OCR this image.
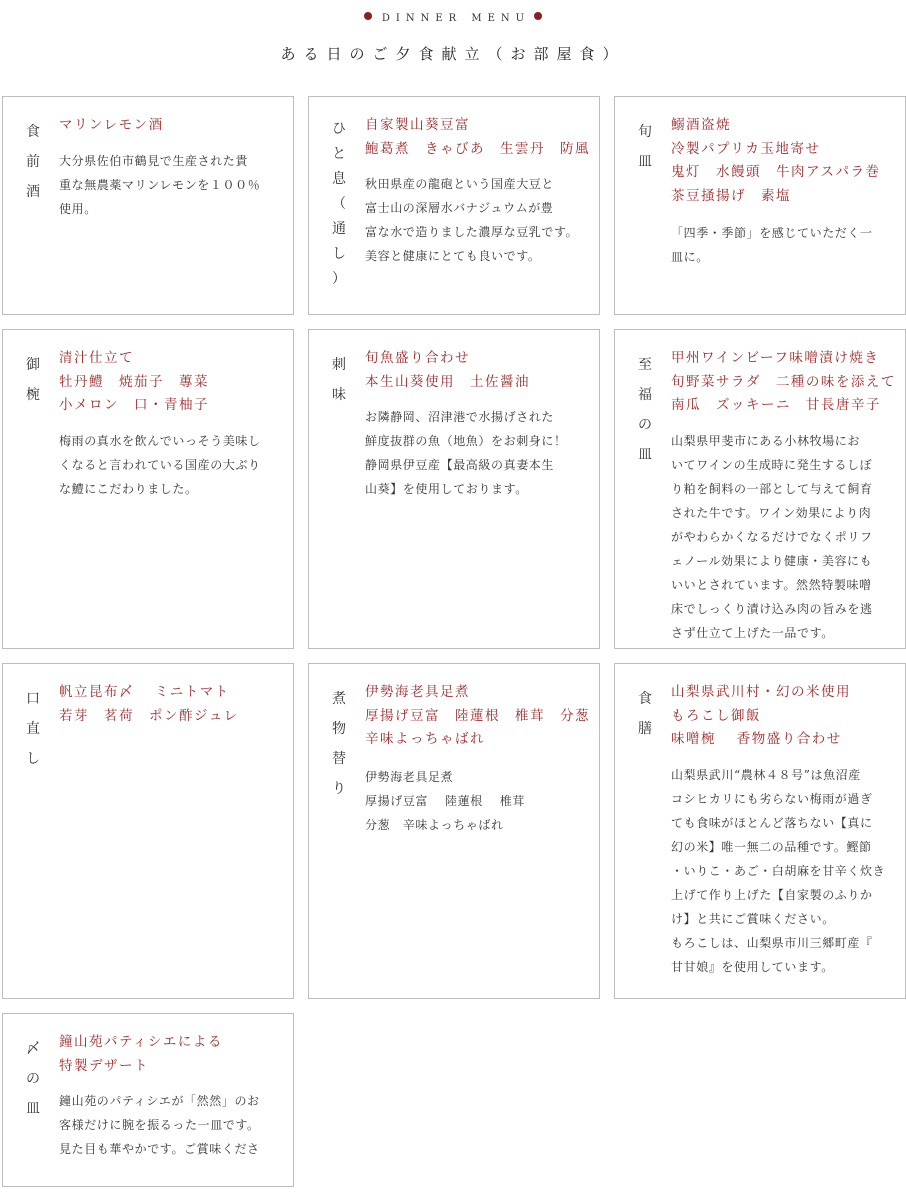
DINNER MENU
ある日のご夕食献立（お部屋食）
食
前
酒
マリンレモン酒

大分県佐伯市鶴見で生産された貴

重な無農薬マリンレモンを１００％

使用。

ひ
と
息
（
通
し
）
自家製山葵豆富
鮑葛煮　きゃびあ　生雲丹　防風

秋田県産の龍砲という国産大豆と

富士山の深層水バナジュウムが豊

富な水で造りました濃厚な豆乳です。

美容と健康にとても良いです。

旬
皿
鰯酒盗焼
冷製パプリカ玉地寄せ
鬼灯　水饅頭　牛肉アスパラ巻
茶豆掻揚げ　素塩

「四季・季節」を感じていただく一

皿に。

御
椀
清汁仕立て
牡丹鱧　焼茄子　蓴菜
小メロン　口・青柚子

梅雨の真水を飲んでいっそう美味し

くなると言われている国産の大ぶり

な鱧にこだわりました。

刺
味
旬魚盛り合わせ
本生山葵使用　土佐醤油

お隣静岡、沼津港で水揚げされた

鮮度抜群の魚（地魚）をお刺身に！

静岡県伊豆産【最高級の真妻本生

山葵】を使用しております。

至
福
の
皿
甲州ワインビーフ味噌漬け焼き
旬野菜サラダ　二種の味を添えて
南瓜　ズッキーニ　甘長唐辛子

山梨県甲斐市にある小林牧場にお

いてワインの生成時に発生するしぼ

り粕を飼料の一部として与えて飼育

された牛です。ワイン効果により肉

がやわらかくなるだけでなくポリフ

ェノール効果により健康・美容にも

いいとされています。然然特製味噌

床でしっくり漬け込み肉の旨みを逃

さず仕立て上げた一品です。

口
直
し
帆立昆布〆　 ミニトマト
若芽　茗荷　ポン酢ジュレ
煮
物
替
り
伊勢海老具足煮
厚揚げ豆富　陸蓮根　椎茸　分葱
辛味よっちゃばれ

伊勢海老具足煮

厚揚げ豆富　 陸蓮根 　椎茸

分葱　辛味よっちゃばれ

食
膳
山梨県武川村・幻の米使用
もろこし御飯
味噌椀　 香物盛り合わせ

山梨県武川“農林４８号”は魚沼産

コシヒカリにも劣らない梅雨が過ぎ

ても食味がほとんど落ちない【真に

幻の米】唯一無二の品種です。鰹節

・いりこ・あご・白胡麻を甘辛く炊き

上げて作り上げた【自家製のふりか

け】と共にご賞味ください。

もろこしは、山梨県市川三郷町産『

甘甘娘』を使用しています。

〆
の
皿
鐘山苑パティシエによる
特製デザート

鐘山苑のパティシエが「然然」のお

客様だけに腕を振るった一皿です。

見た目も華やかです。ご賞味くださ
